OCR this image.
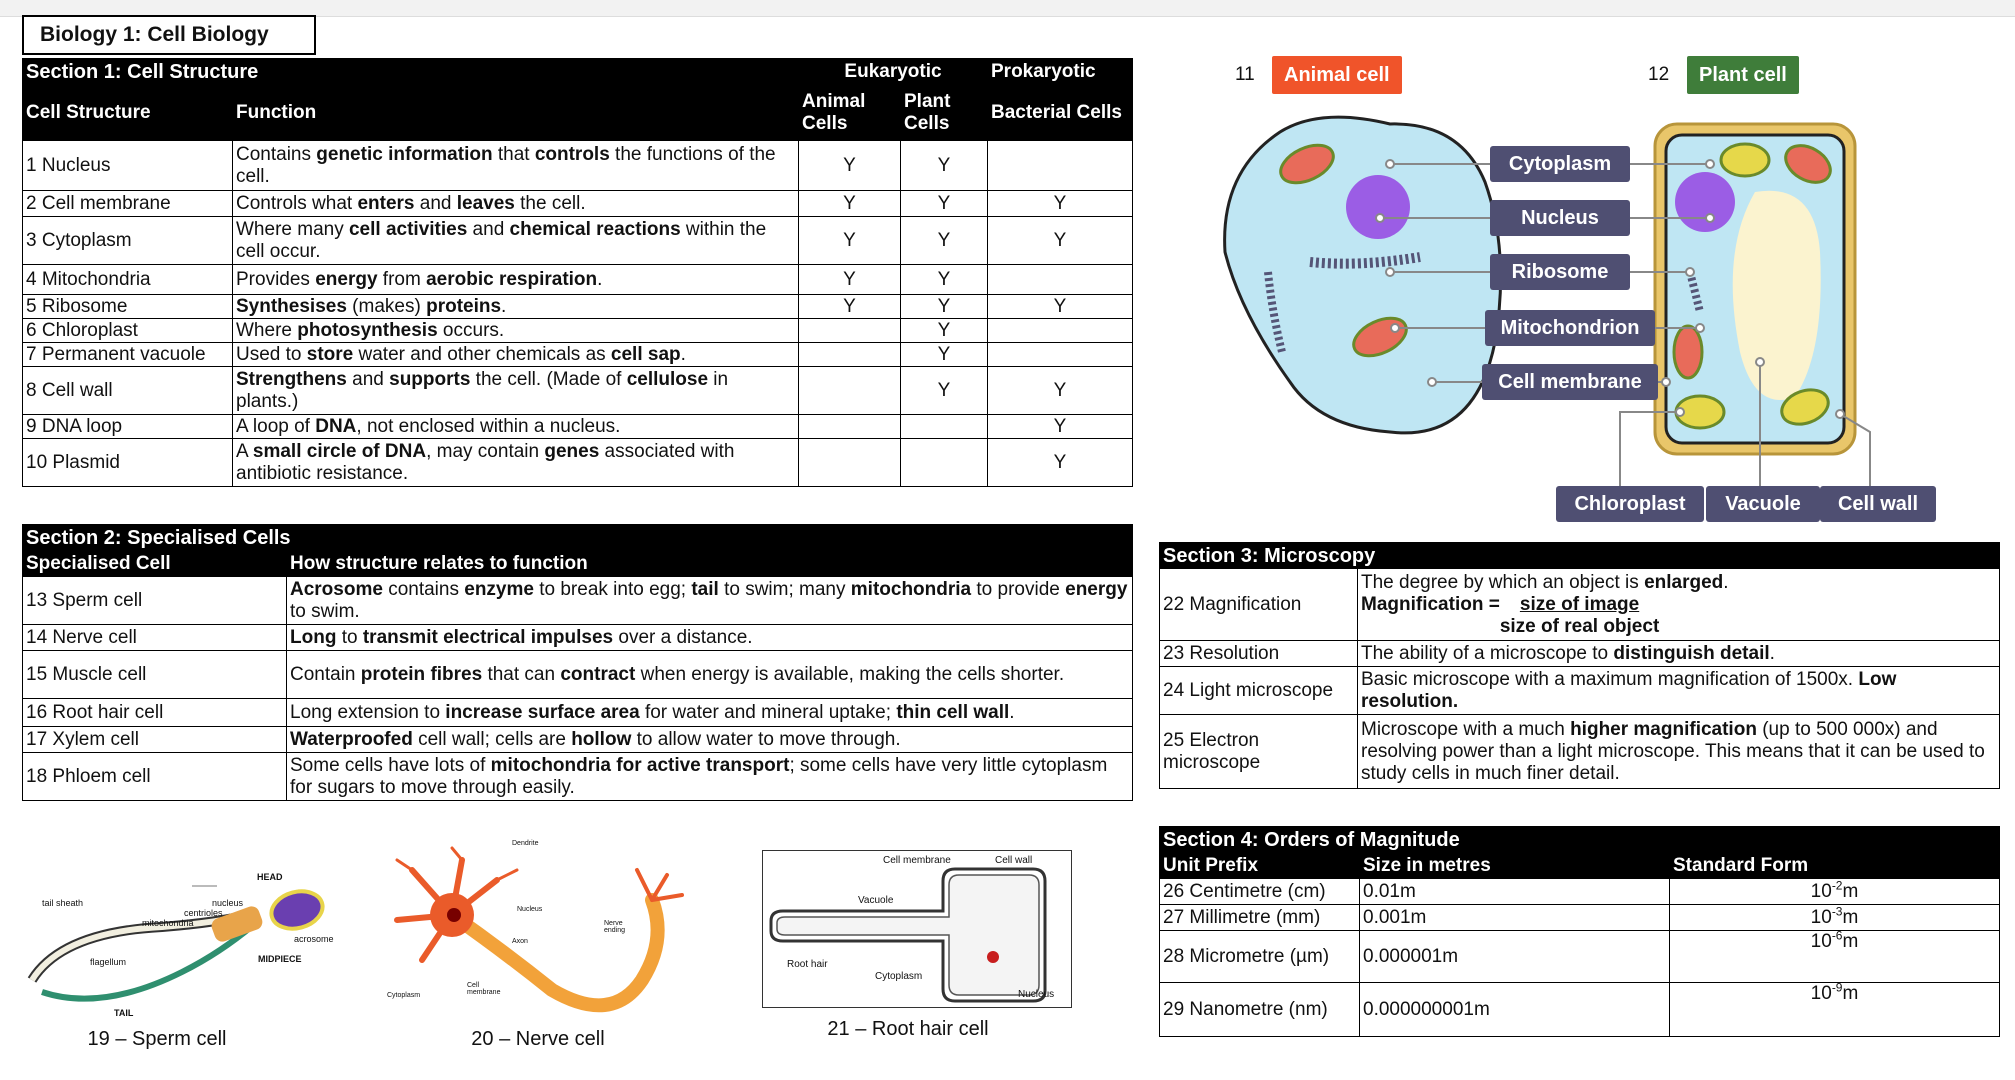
Biology 1: Cell Biology
Section 1: Cell Structure		Eukaryotic		Prokaryotic
Cell Structure	Function	Animal Cells	Plant Cells	Bacterial Cells
1 Nucleus	Contains genetic information that controls the functions of the cell.	Y	Y	
2 Cell membrane	Controls what enters and leaves the cell.	Y	Y	Y
3 Cytoplasm	Where many cell activities and chemical reactions within the cell occur.	Y	Y	Y
4 Mitochondria	Provides energy from aerobic respiration.	Y	Y	
5 Ribosome	Synthesises (makes) proteins.	Y	Y	Y
6 Chloroplast	Where photosynthesis occurs.		Y	
7 Permanent vacuole	Used to store water and other chemicals as cell sap.		Y	
8 Cell wall	Strengthens and supports the cell. (Made of cellulose in plants.)		Y	Y
9 DNA loop	A loop of DNA, not enclosed within a nucleus.			Y
10 Plasmid	A small circle of DNA, may contain genes associated with antibiotic resistance.			Y
Section 2: Specialised Cells	
Specialised Cell	How structure relates to function
13 Sperm cell	Acrosome contains enzyme to break into egg; tail to swim; many mitochondria to provide energy to swim.
14 Nerve cell	Long to transmit electrical impulses over a distance.
15 Muscle cell	Contain protein fibres that can contract when energy is available, making the cells shorter.
16 Root hair cell	Long extension to increase surface area for water and mineral uptake; thin cell wall.
17 Xylem cell	Waterproofed cell wall; cells are hollow to allow water to move through.
18 Phloem cell	Some cells have lots of mitochondria for active transport; some cells have very little cytoplasm for sugars to move through easily.
Section 3: Microscopy	
22 Magnification	The degree by which an object is enlarged.
Magnification = $\frac{\text{size of image}}{\text{size of real object}}$

23 Resolution	The ability of a microscope to distinguish detail.
24 Light microscope	Basic microscope with a maximum magnification of 1500x. Low resolution.
25 Electron microscope	Microscope with a much higher magnification (up to 500 000x) and resolving power than a light microscope. This means that it can be used to study cells in much finer detail.
Section 4: Orders of Magnitude		
Unit Prefix	Size in metres	Standard Form
26 Centimetre (cm)	0.01m	$10^{-2}m$
27 Millimetre (mm)	0.001m	$10^{-3}m$
28 Micrometre (µm)	0.000001m	$10^{-6}m$
29 Nanometre (nm)	0.000000001m	$10^{-9}m$
11	Animal cell	12	Plant cell
Cytoplasm
Nucleus
Ribosome
Mitochondrion
Cell membrane
Chloroplast	Vacuole	Cell wall
HEAD
tail sheath	nucleus
centrioles
mitochondria
acrosome
flagellum	MIDPIECE
TAIL
19 – Sperm cell
Dendrite
Nucleus
Axon
Nerve ending
Cytoplasm
Cell membrane
20 – Nerve cell
Cell membrane	Cell wall
Vacuole
Root hair
Cytoplasm
Nucleus
21 – Root hair cell
